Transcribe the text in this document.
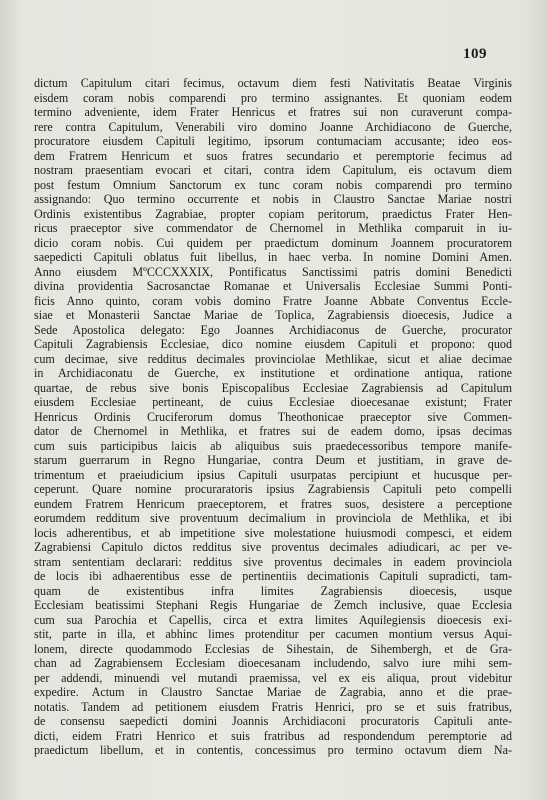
109
dictum Capitulum citari fecimus, octavum diem festi Nativitatis Beatae Virginis
eisdem coram nobis comparendi pro termino assignantes. Et quoniam eodem
termino adveniente, idem Frater Henricus et fratres sui non curaverunt compa-
rere contra Capitulum, Venerabili viro domino Joanne Archidiacono de Guerche,
procuratore eiusdem Capituli legitimo, ipsorum contumaciam accusante; ideo eos-
dem Fratrem Henricum et suos fratres secundario et peremptorie fecimus ad
nostram praesentiam evocari et citari, contra idem Capitulum, eis octavum diem
post festum Omnium Sanctorum ex tunc coram nobis comparendi pro termino
assignando: Quo termino occurrente et nobis in Claustro Sanctae Mariae nostri
Ordinis existentibus Zagrabiae, propter copiam peritorum, praedictus Frater Hen-
ricus praeceptor sive commendator de Chernomel in Methlika comparuit in iu-
dicio coram nobis. Cui quidem per praedictum dominum Joannem procuratorem
saepedicti Capituli oblatus fuit libellus, in haec verba. In nomine Domini Amen.
Anno eiusdem MºCCCXXXIX, Pontificatus Sanctissimi patris domini Benedicti
divina providentia Sacrosanctae Romanae et Universalis Ecclesiae Summi Ponti-
ficis Anno quinto, coram vobis domino Fratre Joanne Abbate Conventus Eccle-
siae et Monasterii Sanctae Mariae de Toplica, Zagrabiensis dioecesis, Judice a
Sede Apostolica delegato: Ego Joannes Archidiaconus de Guerche, procurator
Capituli Zagrabiensis Ecclesiae, dico nomine eiusdem Capituli et propono: quod
cum decimae, sive redditus decimales provinciolae Methlikae, sicut et aliae decimae
in Archidiaconatu de Guerche, ex institutione et ordinatione antiqua, ratione
quartae, de rebus sive bonis Episcopalibus Ecclesiae Zagrabiensis ad Capitulum
eiusdem Ecclesiae pertineant, de cuius Ecclesiae dioecesanae existunt; Frater
Henricus Ordinis Cruciferorum domus Theothonicae praeceptor sive Commen-
dator de Chernomel in Methlika, et fratres sui de eadem domo, ipsas decimas
cum suis participibus laicis ab aliquibus suis praedecessoribus tempore manife-
starum guerrarum in Regno Hungariae, contra Deum et justitiam, in grave de-
trimentum et praeiudicium ipsius Capituli usurpatas percipiunt et hucusque per-
ceperunt. Quare nomine procuraratoris ipsius Zagrabiensis Capituli peto compelli
eundem Fratrem Henricum praeceptorem, et fratres suos, desistere a perceptione
eorumdem redditum sive proventuum decimalium in provinciola de Methlika, et ibi
locis adherentibus, et ab impetitione sive molestatione huiusmodi compesci, et eidem
Zagrabiensi Capitulo dictos redditus sive proventus decimales adiudicari, ac per ve-
stram sententiam declarari: redditus sive proventus decimales in eadem provinciola
de locis ibi adhaerentibus esse de pertinentiis decimationis Capituli supradicti, tam-
quam de existentibus infra limites Zagrabiensis dioecesis, usque
Ecclesiam beatissimi Stephani Regis Hungariae de Zemch inclusive, quae Ecclesia
cum sua Parochia et Capellis, circa et extra limites Aquilegiensis dioecesis exi-
stit, parte in illa, et abhinc limes protenditur per cacumen montium versus Aqui-
lonem, directe quodammodo Ecclesias de Sihestain, de Sihembergh, et de Gra-
chan ad Zagrabiensem Ecclesiam dioecesanam includendo, salvo iure mihi sem-
per addendi, minuendi vel mutandi praemissa, vel ex eis aliqua, prout videbitur
expedire. Actum in Claustro Sanctae Mariae de Zagrabia, anno et die prae-
notatis. Tandem ad petitionem eiusdem Fratris Henrici, pro se et suis fratribus,
de consensu saepedicti domini Joannis Archidiaconi procuratoris Capituli ante-
dicti, eidem Fratri Henrico et suis fratribus ad respondendum peremptorie ad
praedictum libellum, et in contentis, concessimus pro termino octavum diem Na-
